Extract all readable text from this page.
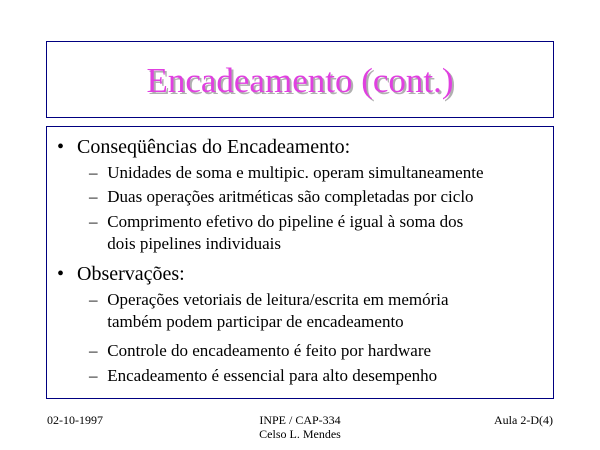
Encadeamento (cont.)
• Conseqüências do Encadeamento:
– Unidades de soma e multipic. operam simultaneamente
– Duas operações aritméticas são completadas por ciclo
– Comprimento efetivo do pipeline é igual à soma dos
dois pipelines individuais
• Observações:
– Operações vetoriais de leitura/escrita em memória
também podem participar de encadeamento
– Controle do encadeamento é feito por hardware
– Encadeamento é essencial para alto desempenho
02-10-1997	INPE / CAP-334
Celso L. Mendes
Aula 2-D(4)
